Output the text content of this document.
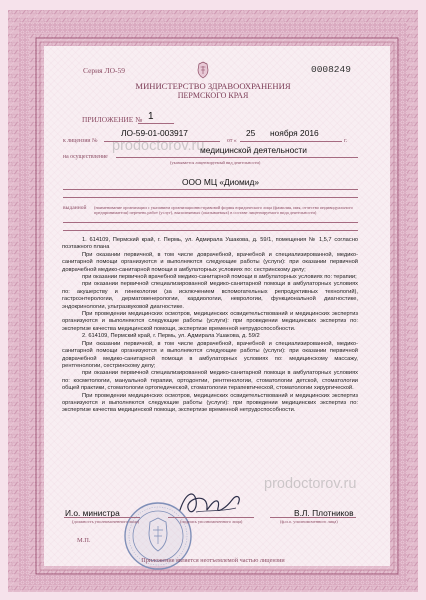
Серия ЛО-59	0008249
МИНИСТЕРСТВО ЗДРАВООХРАНЕНИЯ
ПЕРМСКОГО КРАЯ
ПРИЛОЖЕНИЕ № 1
к лицензии №
ЛО-59-01-003917
от «
25 ноября 2016
г.
на осуществление
медицинской деятельности
(указывается лицензируемый вид деятельности)
ООО МЦ «Диомид»
выданной (наименование организации с указанием организационно-правовой формы юридического лица (фамилия, имя, отчество индивидуального предпринимателя) перечень работ (услуг), выполняемых (оказываемых) в составе лицензируемого вида деятельности)

1. 614109, Пермский край, г. Пермь, ул. Адмирала Ушакова, д. 59/1, помещения № 1,5,7 согласно поэтажного плана

При оказании первичной, в том числе доврачебной, врачебной и специализированной, медико-санитарной помощи организуются и выполняются следующие работы (услуги): при оказании первичной доврачебной медико-санитарной помощи в амбулаторных условиях по: сестринскому делу;

при оказании первичной врачебной медико-санитарной помощи в амбулаторных условиях по: терапии;

при оказании первичной специализированной медико-санитарной помощи в амбулаторных условиях по: акушерству и гинекологии (за исключением вспомогательных репродуктивных технологий), гастроэнтерологии, дерматовенерологии, кардиологии, неврологии, функциональной диагностике, эндокринологии, ультразвуковой диагностике.

При проведении медицинских осмотров, медицинских освидетельствований и медицинских экспертиз организуются и выполняются следующие работы (услуги): при проведении медицинских экспертиз по: экспертизе качества медицинской помощи, экспертизе временной нетрудоспособности.

2. 614109, Пермский край, г. Пермь, ул. Адмирала Ушакова, д. 59/2

При оказании первичной, в том числе доврачебной, врачебной и специализированной, медико-санитарной помощи организуются и выполняются следующие работы (услуги): при оказании первичной доврачебной медико-санитарной помощи в амбулаторных условиях по: медицинскому массажу, рентгенологии, сестринскому делу;

при оказании первичной специализированной медико-санитарной помощи в амбулаторных условиях по: косметологии, мануальной терапии, ортодонтии, рентгенологии, стоматологии детской, стоматологии общей практики, стоматологии ортопедической, стоматологии терапевтической, стоматологии хирургической.

При проведении медицинских осмотров, медицинских освидетельствований и медицинских экспертиз организуются и выполняются следующие работы (услуги): при проведении медицинских экспертиз по: экспертизе качества медицинской помощи, экспертизе временной нетрудоспособности.

И.о. министра
(должность уполномоченного лица)	(подпись уполномоченного лица)
В.Л. Плотников
(ф.и.о. уполномоченного лица)
М.П.
Приложение является неотъемлемой частью лицензии
prodoctorov.ru
prodoctorov.ru
